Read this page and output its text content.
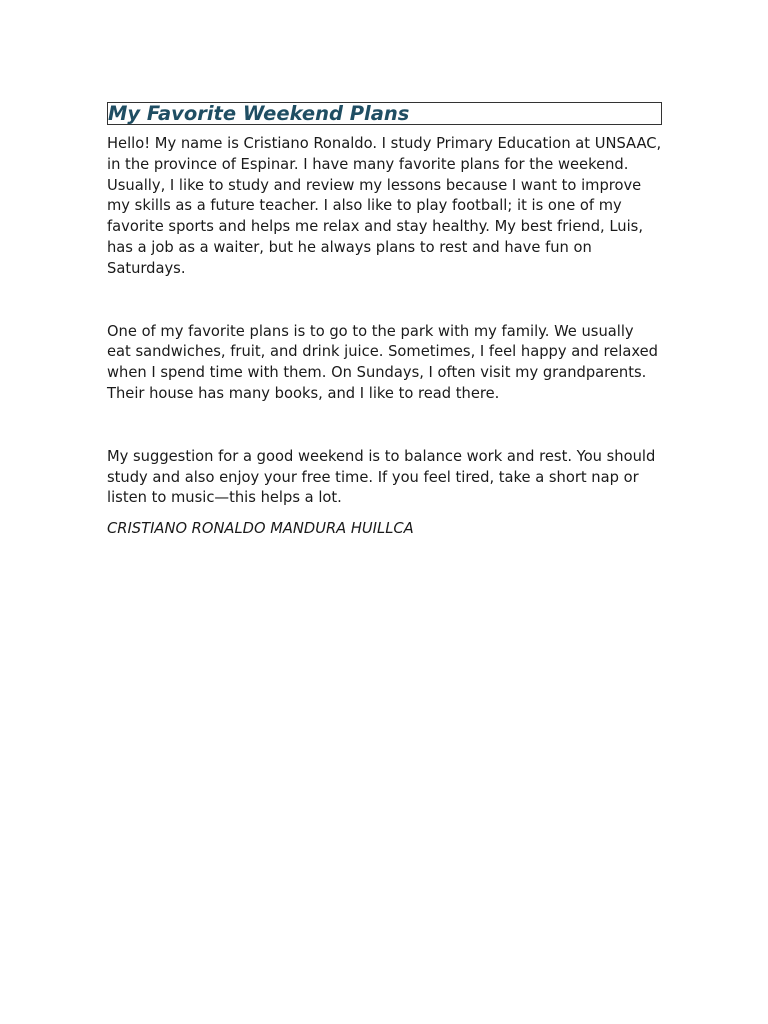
My Favorite Weekend Plans

Hello! My name is Cristiano Ronaldo. I study Primary Education at UNSAAC, in the province of Espinar. I have many favorite plans for the weekend. Usually, I like to study and review my lessons because I want to improve my skills as a future teacher. I also like to play football; it is one of my favorite sports and helps me relax and stay healthy. My best friend, Luis, has a job as a waiter, but he always plans to rest and have fun on Saturdays.

One of my favorite plans is to go to the park with my family. We usually eat sandwiches, fruit, and drink juice. Sometimes, I feel happy and relaxed when I spend time with them. On Sundays, I often visit my grandparents. Their house has many books, and I like to read there.

My suggestion for a good weekend is to balance work and rest. You should study and also enjoy your free time. If you feel tired, take a short nap or listen to music—this helps a lot.

CRISTIANO RONALDO MANDURA HUILLCA
